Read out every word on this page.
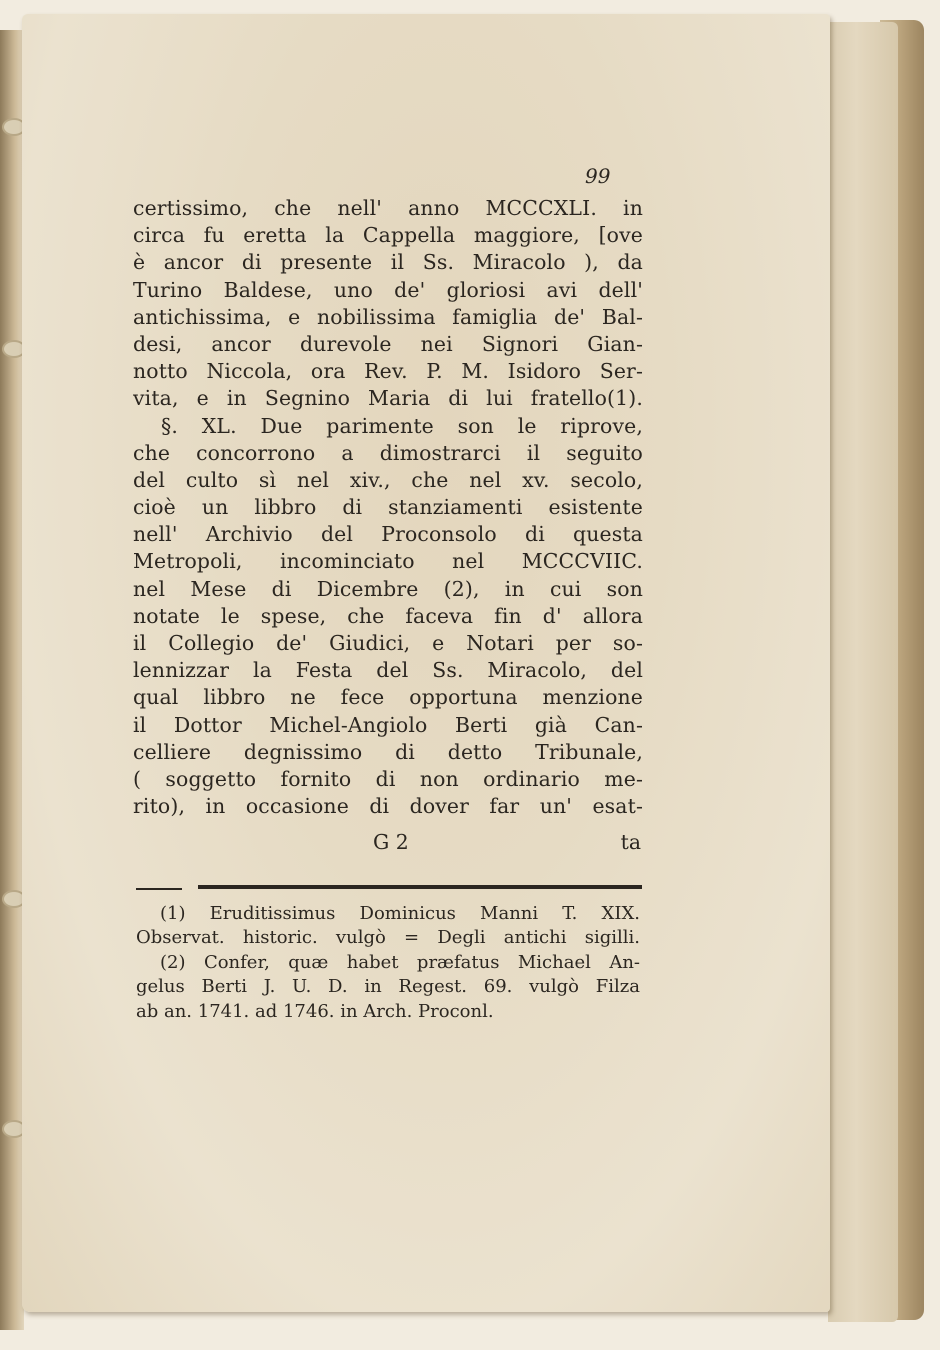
99
certissimo, che nell' anno MCCCXLI. in
circa fu eretta la Cappella maggiore, [ove
è ancor di presente il Ss. Miracolo ), da
Turino Baldese, uno de' gloriosi avi dell'
antichissima, e nobilissima famiglia de' Bal-
desi, ancor durevole nei Signori Gian-
notto Niccola, ora Rev. P. M. Isidoro Ser-
vita, e in Segnino Maria di lui fratello(1).
§. XL. Due parimente son le riprove,
che concorrono a dimostrarci il seguito
del culto sì nel xiv., che nel xv. secolo,
cioè un libbro di stanziamenti esistente
nell' Archivio del Proconsolo di questa
Metropoli, incominciato nel MCCCVIIC.
nel Mese di Dicembre (2), in cui son
notate le spese, che faceva fin d' allora
il Collegio de' Giudici, e Notari per so-
lennizzar la Festa del Ss. Miracolo, del
qual libbro ne fece opportuna menzione
il Dottor Michel-Angiolo Berti già Can-
celliere degnissimo di detto Tribunale,
( soggetto fornito di non ordinario me-
rito), in occasione di dover far un' esat-
G 2	ta
(1) Eruditissimus Dominicus Manni T. XIX.
Observat. historic. vulgò = Degli antichi sigilli.
(2) Confer, quæ habet præfatus Michael An-
gelus Berti J. U. D. in Regest. 69. vulgò Filza
ab an. 1741. ad 1746. in Arch. Proconl.
